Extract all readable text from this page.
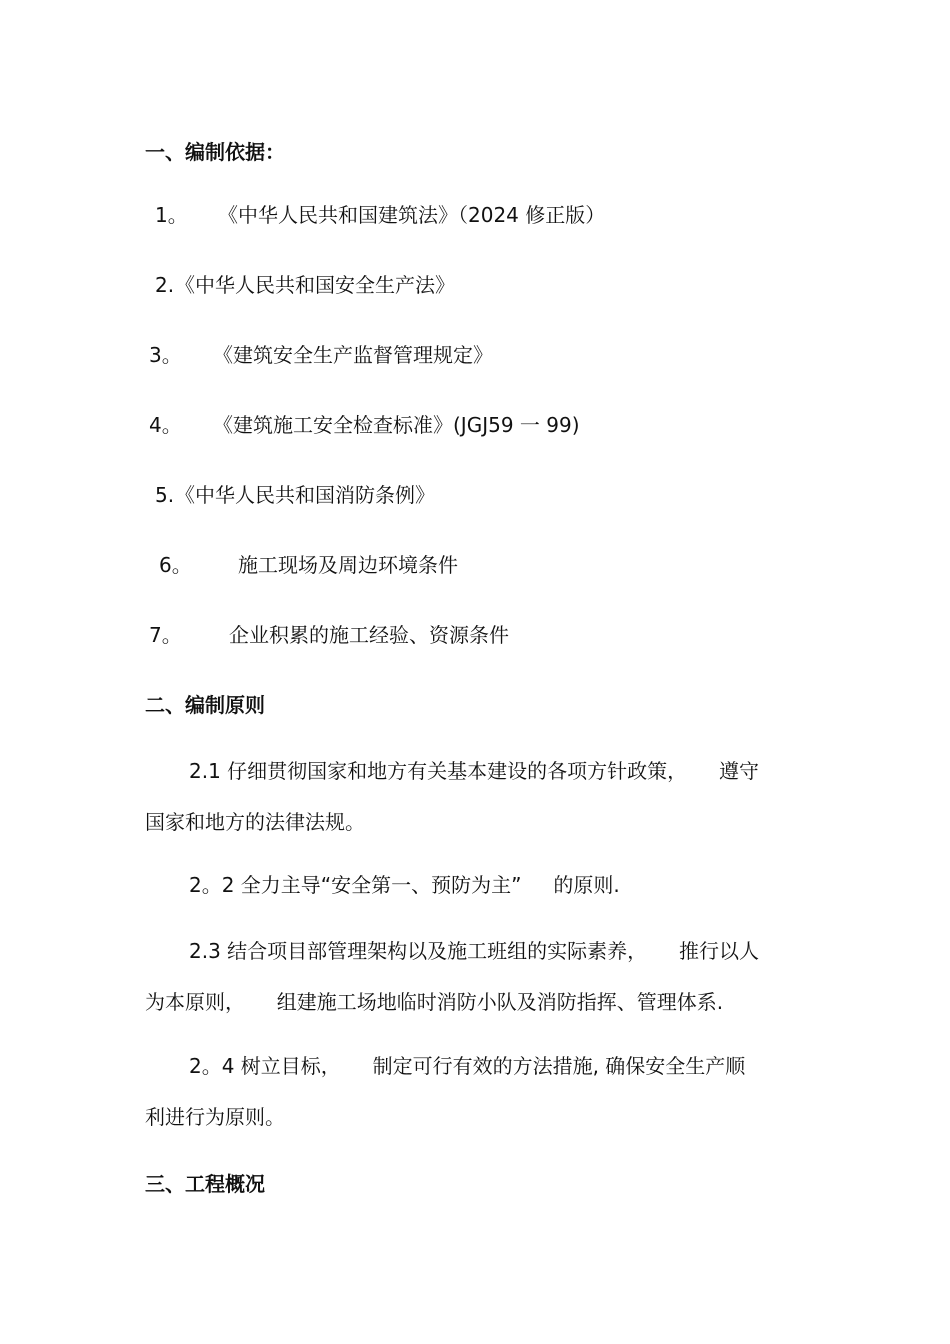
一、编制依据：
1。 《中华人民共和国建筑法》（2024 修正版）
2. 《中华人民共和国安全生产法》
3。 《建筑安全生产监督管理规定》
4。 《建筑施工安全检查标准》(JGJ59 一 99)
5. 《中华人民共和国消防条例》
6。 施工现场及周边环境条件
7。 企业积累的施工经验、资源条件
二、编制原则
2.1 仔细贯彻国家和地方有关基本建设的各项方针政策，     遵守
国家和地方的法律法规。
2。2 全力主导“安全第一、预防为主”     的原则.
2.3 结合项目部管理架构以及施工班组的实际素养，     推行以人
为本原则，     组建施工场地临时消防小队及消防指挥、管理体系.
2。4 树立目标，     制定可行有效的方法措施, 确保安全生产顺
利进行为原则。
三、工程概况
